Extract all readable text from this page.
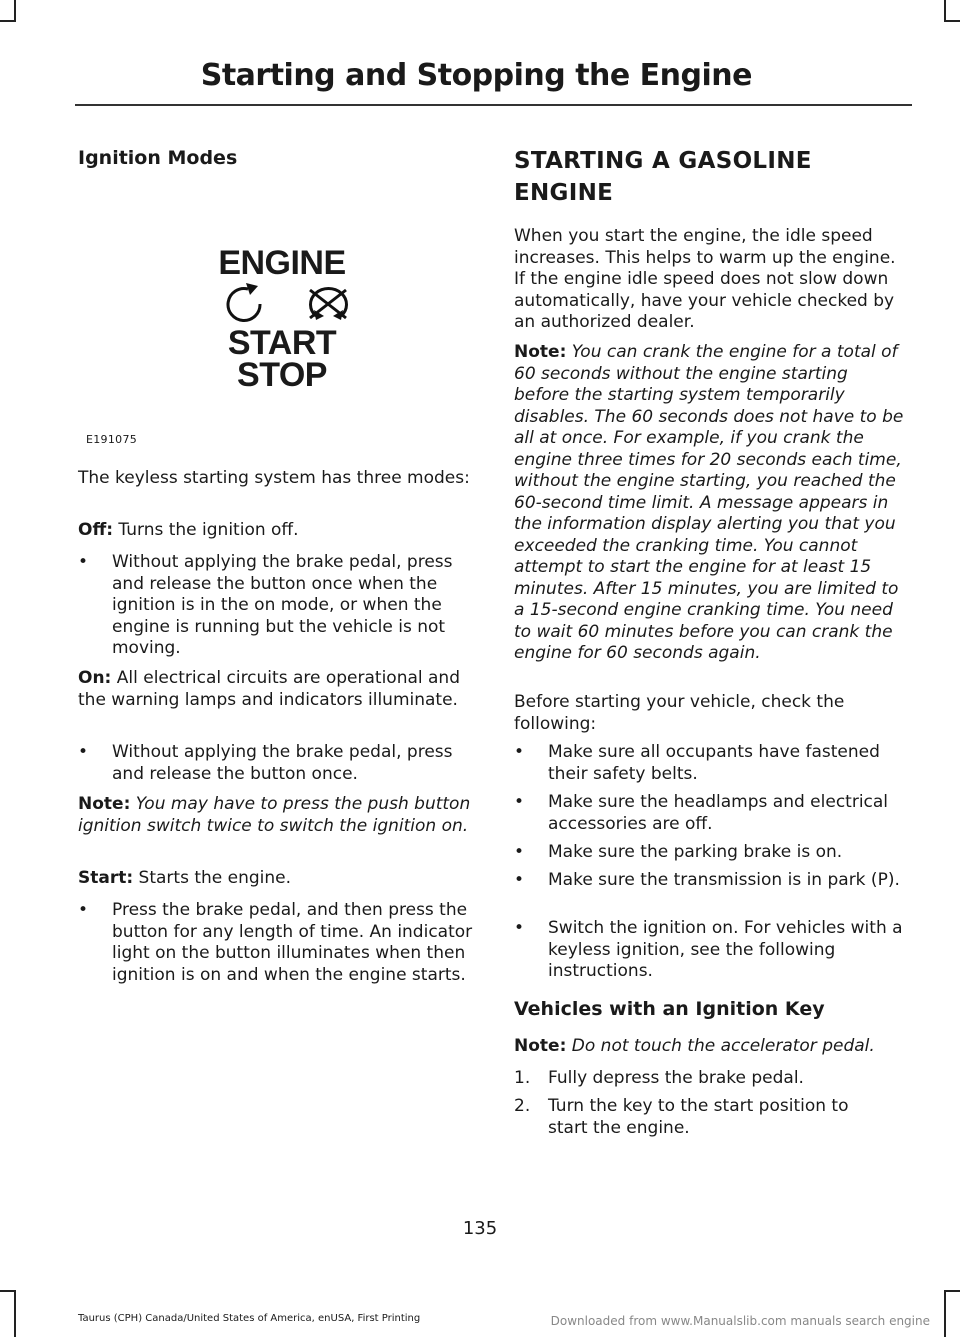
Starting and Stopping the Engine
Ignition Modes
ENGINE
START
STOP
E191075

The keyless starting system has three modes:

Off: Turns the ignition off.

• Without applying the brake pedal, press and release the button once when the ignition is in the on mode, or when the engine is running but the vehicle is not moving.

On: All electrical circuits are operational and the warning lamps and indicators illuminate.

• Without applying the brake pedal, press and release the button once.

Note: You may have to press the push button ignition switch twice to switch the ignition on.

Start: Starts the engine.

• Press the brake pedal, and then press the button for any length of time. An indicator light on the button illuminates when then ignition is on and when the engine starts.
STARTING A GASOLINE
ENGINE

When you start the engine, the idle speed increases. This helps to warm up the engine. If the engine idle speed does not slow down automatically, have your vehicle checked by an authorized dealer.

Note: You can crank the engine for a total of 60 seconds without the engine starting before the starting system temporarily disables. The 60 seconds does not have to be all at once. For example, if you crank the engine three times for 20 seconds each time, without the engine starting, you reached the 60-second time limit. A message appears in the information display alerting you that you exceeded the cranking time. You cannot attempt to start the engine for at least 15 minutes. After 15 minutes, you are limited to a 15-second engine cranking time. You need to wait 60 minutes before you can crank the engine for 60 seconds again.

Before starting your vehicle, check the following:

• Make sure all occupants have fastened their safety belts.
• Make sure the headlamps and electrical accessories are off.
• Make sure the parking brake is on.
• Make sure the transmission is in park (P).
• Switch the ignition on. For vehicles with a keyless ignition, see the following instructions.
Vehicles with an Ignition Key

Note: Do not touch the accelerator pedal.

1. Fully depress the brake pedal.
2. Turn the key to the start position to start the engine.
135
Taurus (CPH) Canada/United States of America, enUSA, First Printing	Downloaded from www.Manualslib.com manuals search engine
